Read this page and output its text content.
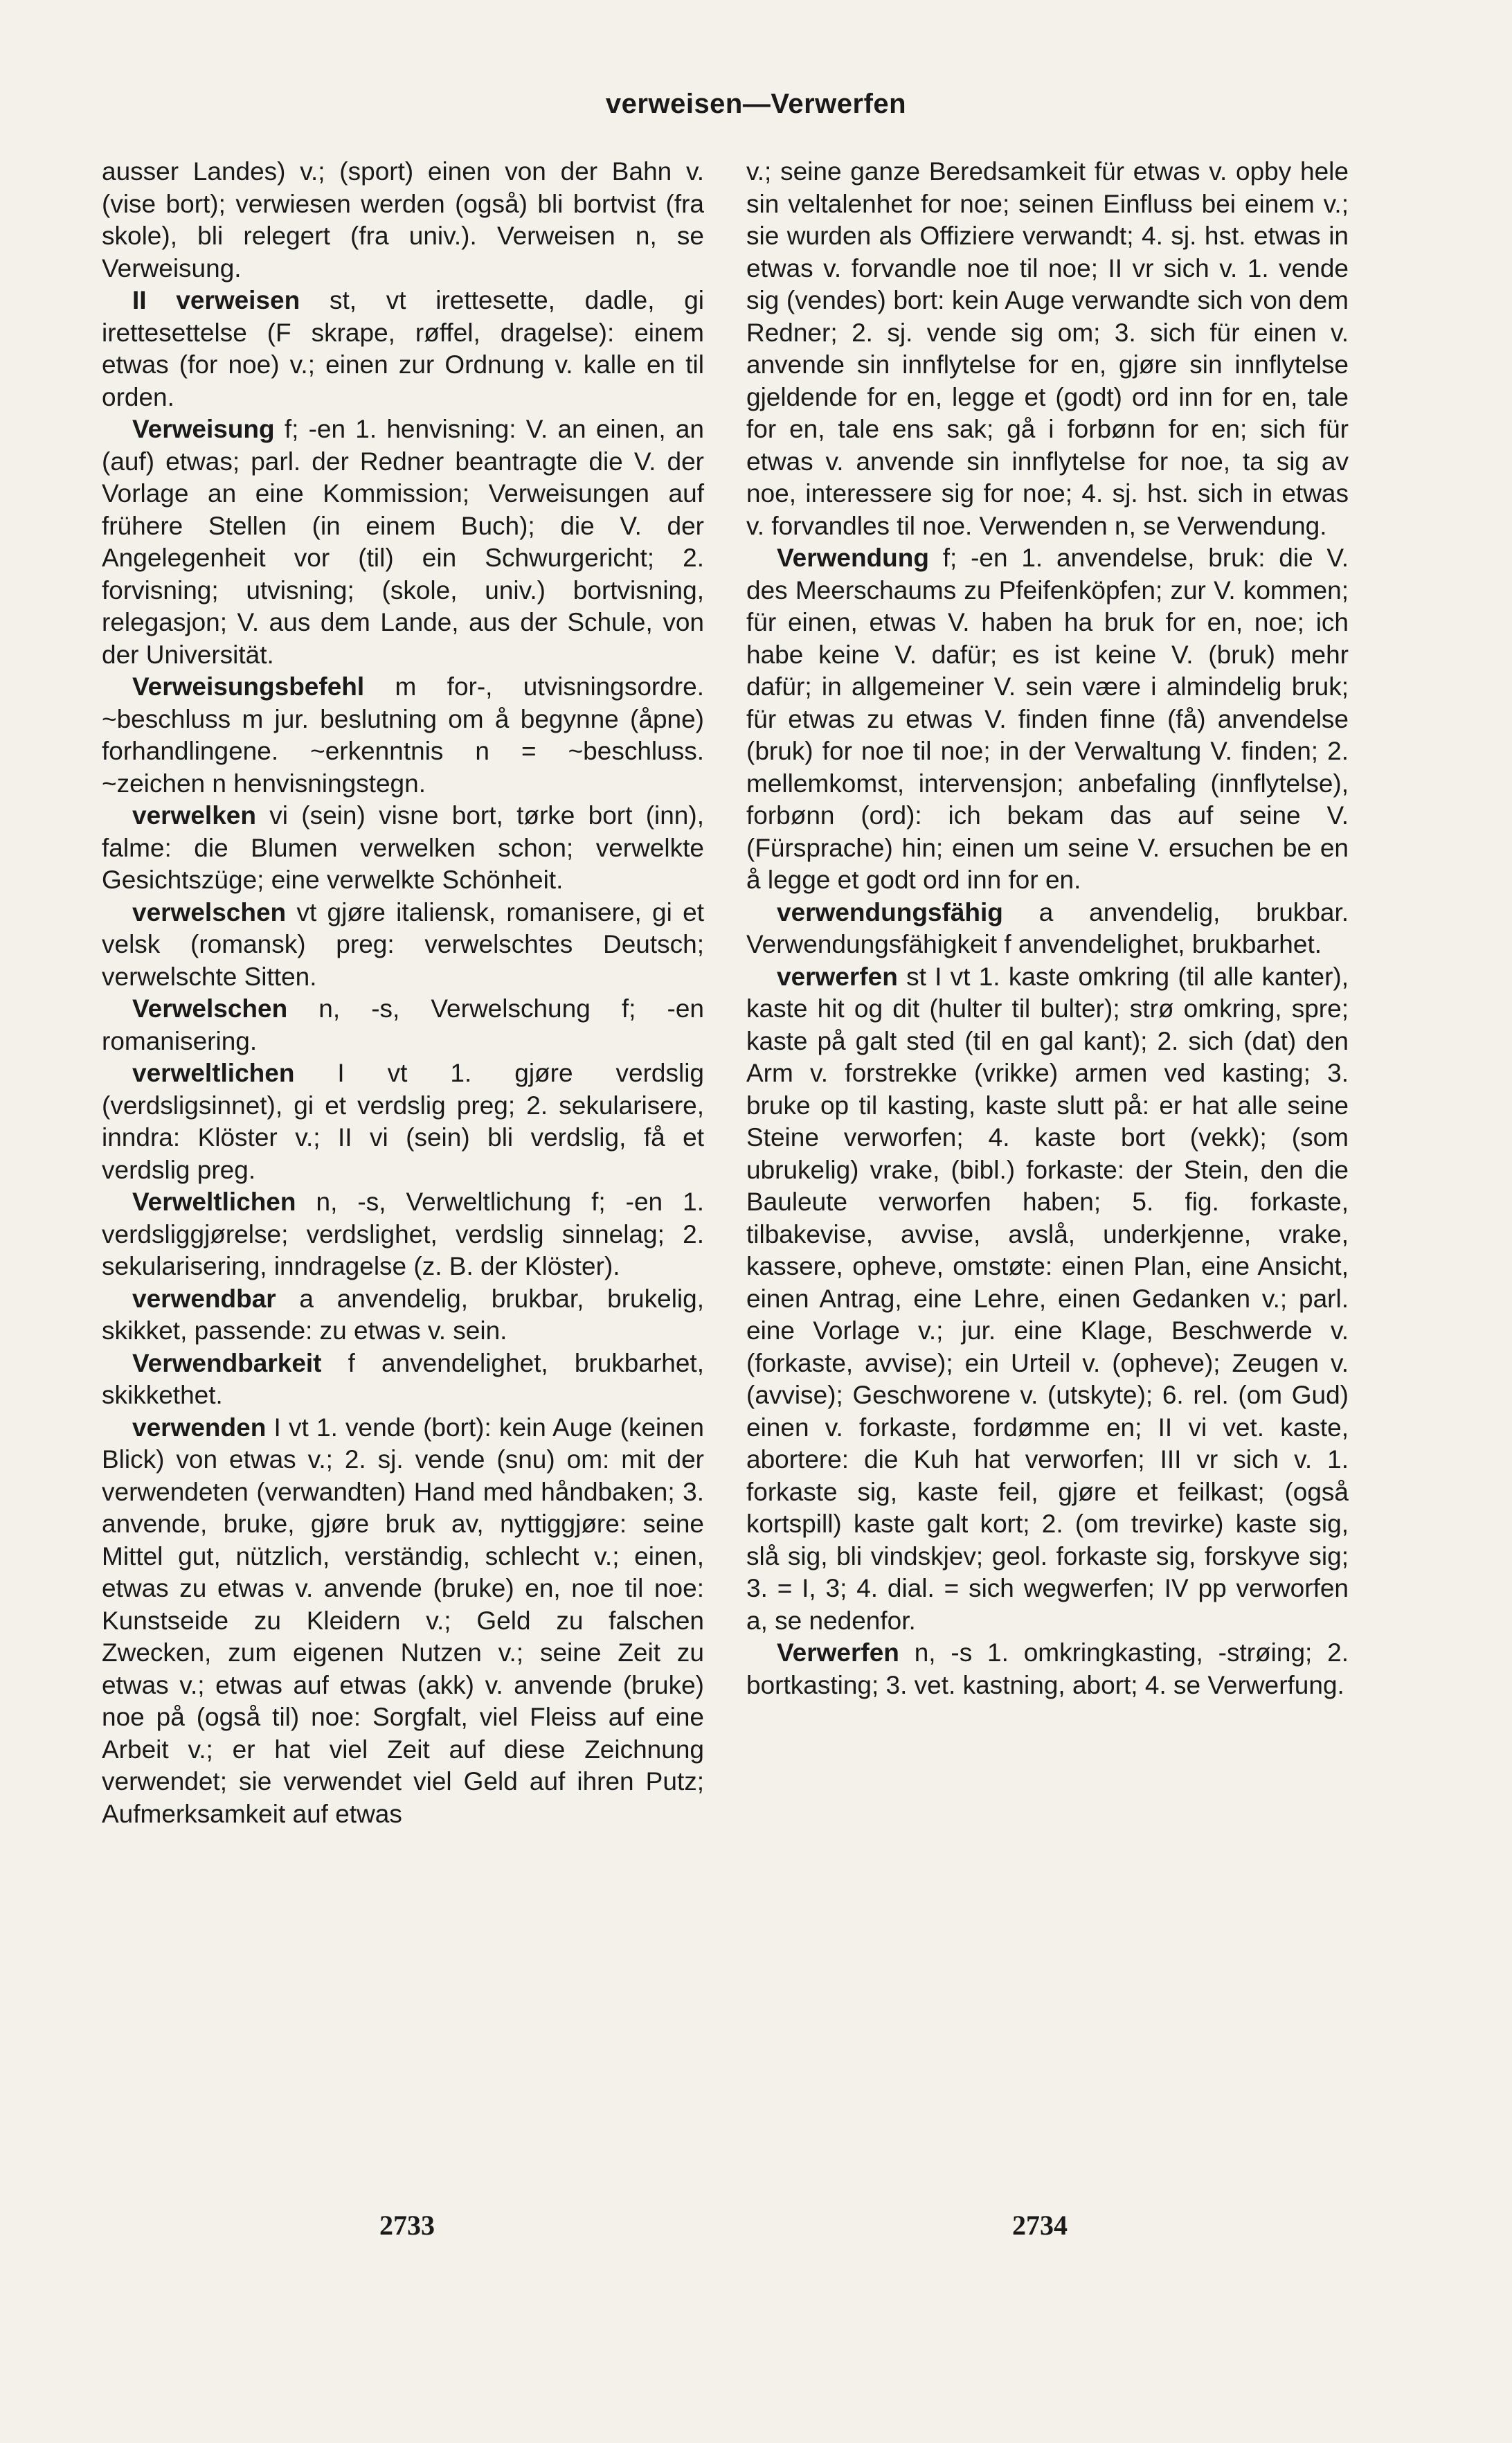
verweisen—Verwerfen

ausser Landes) v.; (sport) einen von der Bahn v. (vise bort); verwiesen werden (også) bli bortvist (fra skole), bli relegert (fra univ.). Verweisen n, se Verweisung.

II verweisen st, vt irettesette, dadle, gi irettesettelse (F skrape, røffel, dragelse): einem etwas (for noe) v.; einen zur Ordnung v. kalle en til orden.

Verweisung f; -en 1. henvisning: V. an einen, an (auf) etwas; parl. der Redner beantragte die V. der Vorlage an eine Kommission; Verweisungen auf frühere Stellen (in einem Buch); die V. der Angelegenheit vor (til) ein Schwurgericht; 2. forvisning; utvisning; (skole, univ.) bortvisning, relegasjon; V. aus dem Lande, aus der Schule, von der Universität.

Verweisungsbefehl m for-, utvisningsordre. ~beschluss m jur. beslutning om å begynne (åpne) forhandlingene. ~erkenntnis n = ~beschluss. ~zeichen n henvisningstegn.

verwelken vi (sein) visne bort, tørke bort (inn), falme: die Blumen verwelken schon; verwelkte Gesichtszüge; eine verwelkte Schönheit.

verwelschen vt gjøre italiensk, romanisere, gi et velsk (romansk) preg: verwelschtes Deutsch; verwelschte Sitten.

Verwelschen n, -s, Verwelschung f; -en romanisering.

verweltlichen I vt 1. gjøre verdslig (verdsligsinnet), gi et verdslig preg; 2. sekularisere, inndra: Klöster v.; II vi (sein) bli verdslig, få et verdslig preg.

Verweltlichen n, -s, Verweltlichung f; -en 1. verdsliggjørelse; verdslighet, verdslig sinnelag; 2. sekularisering, inndragelse (z. B. der Klöster).

verwendbar a anvendelig, brukbar, brukelig, skikket, passende: zu etwas v. sein.

Verwendbarkeit f anvendelighet, brukbarhet, skikkethet.

verwenden I vt 1. vende (bort): kein Auge (keinen Blick) von etwas v.; 2. sj. vende (snu) om: mit der verwendeten (verwandten) Hand med håndbaken; 3. anvende, bruke, gjøre bruk av, nyttiggjøre: seine Mittel gut, nützlich, verständig, schlecht v.; einen, etwas zu etwas v. anvende (bruke) en, noe til noe: Kunstseide zu Kleidern v.; Geld zu falschen Zwecken, zum eigenen Nutzen v.; seine Zeit zu etwas v.; etwas auf etwas (akk) v. anvende (bruke) noe på (også til) noe: Sorgfalt, viel Fleiss auf eine Arbeit v.; er hat viel Zeit auf diese Zeichnung verwendet; sie verwendet viel Geld auf ihren Putz; Aufmerksamkeit auf etwas

v.; seine ganze Beredsamkeit für etwas v. opby hele sin veltalenhet for noe; seinen Einfluss bei einem v.; sie wurden als Offiziere verwandt; 4. sj. hst. etwas in etwas v. forvandle noe til noe; II vr sich v. 1. vende sig (vendes) bort: kein Auge verwandte sich von dem Redner; 2. sj. vende sig om; 3. sich für einen v. anvende sin innflytelse for en, gjøre sin innflytelse gjeldende for en, legge et (godt) ord inn for en, tale for en, tale ens sak; gå i forbønn for en; sich für etwas v. anvende sin innflytelse for noe, ta sig av noe, interessere sig for noe; 4. sj. hst. sich in etwas v. forvandles til noe. Verwenden n, se Verwendung.

Verwendung f; -en 1. anvendelse, bruk: die V. des Meerschaums zu Pfeifenköpfen; zur V. kommen; für einen, etwas V. haben ha bruk for en, noe; ich habe keine V. dafür; es ist keine V. (bruk) mehr dafür; in allgemeiner V. sein være i almindelig bruk; für etwas zu etwas V. finden finne (få) anvendelse (bruk) for noe til noe; in der Verwaltung V. finden; 2. mellemkomst, intervensjon; anbefaling (innflytelse), forbønn (ord): ich bekam das auf seine V. (Fürsprache) hin; einen um seine V. ersuchen be en å legge et godt ord inn for en.

verwendungsfähig a anvendelig, brukbar. Verwendungsfähigkeit f anvendelighet, brukbarhet.

verwerfen st I vt 1. kaste omkring (til alle kanter), kaste hit og dit (hulter til bulter); strø omkring, spre; kaste på galt sted (til en gal kant); 2. sich (dat) den Arm v. forstrekke (vrikke) armen ved kasting; 3. bruke op til kasting, kaste slutt på: er hat alle seine Steine verworfen; 4. kaste bort (vekk); (som ubrukelig) vrake, (bibl.) forkaste: der Stein, den die Bauleute verworfen haben; 5. fig. forkaste, tilbakevise, avvise, avslå, underkjenne, vrake, kassere, opheve, omstøte: einen Plan, eine Ansicht, einen Antrag, eine Lehre, einen Gedanken v.; parl. eine Vorlage v.; jur. eine Klage, Beschwerde v. (forkaste, avvise); ein Urteil v. (opheve); Zeugen v. (avvise); Geschworene v. (utskyte); 6. rel. (om Gud) einen v. forkaste, fordømme en; II vi vet. kaste, abortere: die Kuh hat verworfen; III vr sich v. 1. forkaste sig, kaste feil, gjøre et feilkast; (også kortspill) kaste galt kort; 2. (om trevirke) kaste sig, slå sig, bli vindskjev; geol. forkaste sig, forskyve sig; 3. = I, 3; 4. dial. = sich wegwerfen; IV pp verworfen a, se nedenfor.

Verwerfen n, -s 1. omkringkasting, -strøing; 2. bortkasting; 3. vet. kastning, abort; 4. se Verwerfung.

2733	2734
